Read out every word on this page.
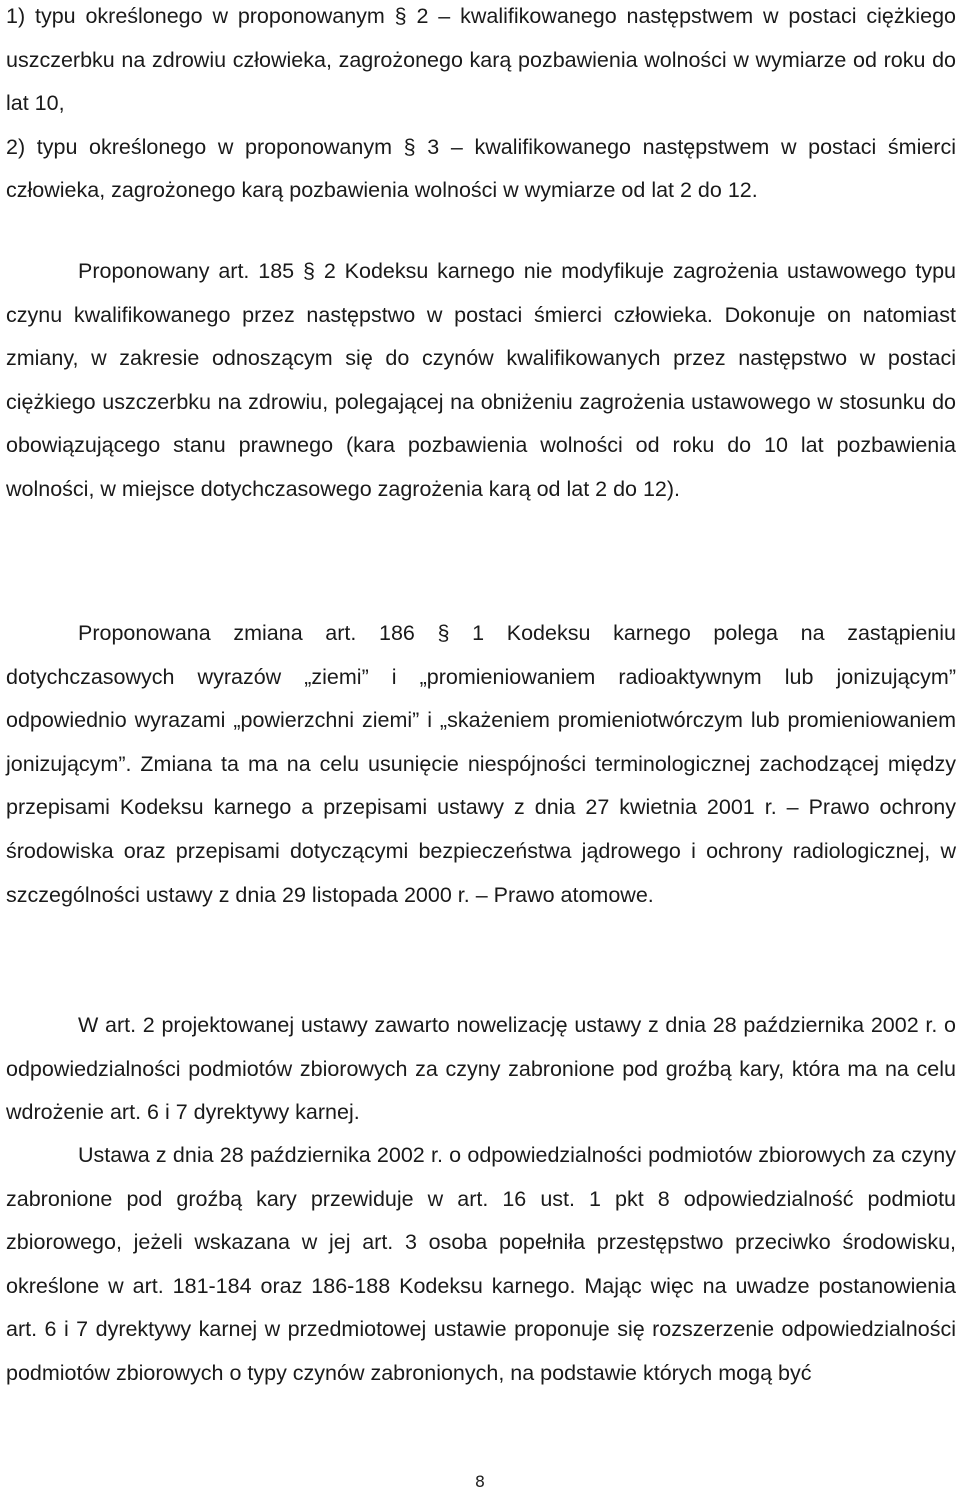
1) typu określonego w proponowanym § 2 – kwalifikowanego następstwem w postaci ciężkiego uszczerbku na zdrowiu człowieka, zagrożonego karą pozbawienia wolności w wymiarze od roku do lat 10,
2) typu określonego w proponowanym § 3 – kwalifikowanego następstwem w postaci śmierci człowieka, zagrożonego karą pozbawienia wolności w wymiarze od lat 2 do 12.

Proponowany art. 185 § 2 Kodeksu karnego nie modyfikuje zagrożenia ustawowego typu czynu kwalifikowanego przez następstwo w postaci śmierci człowieka. Dokonuje on natomiast zmiany, w zakresie odnoszącym się do czynów kwalifikowanych przez następstwo w postaci ciężkiego uszczerbku na zdrowiu, polegającej na obniżeniu zagrożenia ustawowego w stosunku do obowiązującego stanu prawnego (kara pozbawienia wolności od roku do 10 lat pozbawienia wolności, w miejsce dotychczasowego zagrożenia karą od lat 2 do 12).

Proponowana zmiana art. 186 § 1 Kodeksu karnego polega na zastąpieniu dotychczasowych wyrazów „ziemi” i „promieniowaniem radioaktywnym lub jonizującym” odpowiednio wyrazami „powierzchni ziemi” i „skażeniem promieniotwórczym lub promieniowaniem jonizującym”. Zmiana ta ma na celu usunięcie niespójności terminologicznej zachodzącej między przepisami Kodeksu karnego a przepisami ustawy z dnia 27 kwietnia 2001 r. – Prawo ochrony środowiska oraz przepisami dotyczącymi bezpieczeństwa jądrowego i ochrony radiologicznej, w szczególności ustawy z dnia 29 listopada 2000 r. – Prawo atomowe.

W art. 2 projektowanej ustawy zawarto nowelizację ustawy z dnia 28 października 2002 r. o odpowiedzialności podmiotów zbiorowych za czyny zabronione pod groźbą kary, która ma na celu wdrożenie art. 6 i 7 dyrektywy karnej.

Ustawa z dnia 28 października 2002 r. o odpowiedzialności podmiotów zbiorowych za czyny zabronione pod groźbą kary przewiduje w art. 16 ust. 1 pkt 8 odpowiedzialność podmiotu zbiorowego, jeżeli wskazana w jej art. 3 osoba popełniła przestępstwo przeciwko środowisku, określone w art. 181-184 oraz 186-188 Kodeksu karnego. Mając więc na uwadze postanowienia art. 6 i 7 dyrektywy karnej w przedmiotowej ustawie proponuje się rozszerzenie odpowiedzialności podmiotów zbiorowych o typy czynów zabronionych, na podstawie których mogą być

8
